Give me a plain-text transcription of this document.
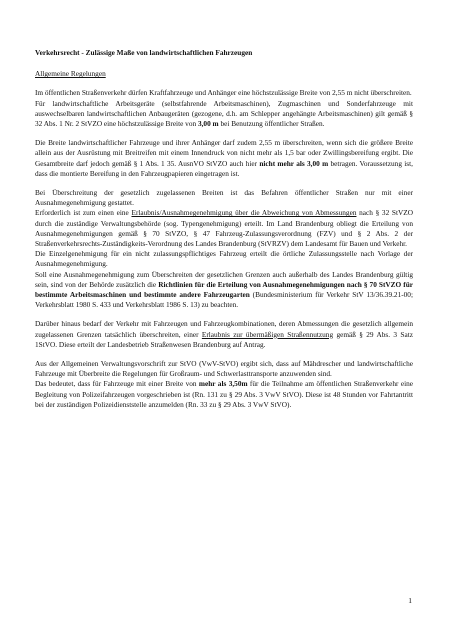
Verkehrsrecht - Zulässige Maße von landwirtschaftlichen Fahrzeugen

Allgemeine Regelungen

Im öffentlichen Straßenverkehr dürfen Kraftfahrzeuge und Anhänger eine höchstzulässige Breite von 2,55 m nicht überschreiten.

Für landwirtschaftliche Arbeitsgeräte (selbstfahrende Arbeitsmaschinen), Zugmaschinen und Sonderfahrzeuge mit auswechselbaren landwirtschaftlichen Anbaugeräten (gezogene, d.h. am Schlepper angehängte Arbeitsmaschinen) gilt gemäß § 32 Abs. 1 Nr. 2 StVZO eine höchstzulässige Breite von 3,00 m bei Benutzung öffentlicher Straßen.

Die Breite landwirtschaftlicher Fahrzeuge und ihrer Anhänger darf zudem 2,55 m überschreiten, wenn sich die größere Breite allein aus der Ausrüstung mit Breitreifen mit einem Innendruck von nicht mehr als 1,5 bar oder Zwillingsbereifung ergibt. Die Gesamtbreite darf jedoch gemäß § 1 Abs. 1 35. AusnVO StVZO auch hier nicht mehr als 3,00 m betragen. Voraussetzung ist, dass die montierte Bereifung in den Fahrzeugpapieren eingetragen ist.

Bei Überschreitung der gesetzlich zugelassenen Breiten ist das Befahren öffentlicher Straßen nur mit einer Ausnahmegenehmigung gestattet.

Erforderlich ist zum einen eine Erlaubnis/Ausnahmegenehmigung über die Abweichung von Abmessungen nach § 32 StVZO durch die zuständige Verwaltungsbehörde (sog. Typengenehmigung) erteilt. Im Land Brandenburg obliegt die Erteilung von Ausnahmegenehmigungen gemäß § 70 StVZO, § 47 Fahrzeug-Zulassungsverordnung (FZV) und § 2 Abs. 2 der Straßenverkehrsrechts-Zuständigkeits-Verordnung des Landes Brandenburg (StVRZV) dem Landesamt für Bauen und Verkehr.

Die Einzelgenehmigung für ein nicht zulassungspflichtiges Fahrzeug erteilt die örtliche Zulassungsstelle nach Vorlage der Ausnahmegenehmigung.

Soll eine Ausnahmegenehmigung zum Überschreiten der gesetzlichen Grenzen auch außerhalb des Landes Brandenburg gültig sein, sind von der Behörde zusätzlich die Richtlinien für die Erteilung von Ausnahmegenehmigungen nach § 70 StVZO für bestimmte Arbeitsmaschinen und bestimmte andere Fahrzeugarten (Bundesministerium für Verkehr StV 13/36.39.21-00; Verkehrsblatt 1980 S. 433 und Verkehrsblatt 1986 S. 13) zu beachten.

Darüber hinaus bedarf der Verkehr mit Fahrzeugen und Fahrzeugkombinationen, deren Abmessungen die gesetzlich allgemein zugelassenen Grenzen tatsächlich überschreiten, einer Erlaubnis zur übermäßigen Straßennutzung gemäß § 29 Abs. 3 Satz 1StVO. Diese erteilt der Landesbetrieb Straßenwesen Brandenburg auf Antrag.

Aus der Allgemeinen Verwaltungsvorschrift zur StVO (VwV-StVO) ergibt sich, dass auf Mähdrescher und landwirtschaftliche Fahrzeuge mit Überbreite die Regelungen für Großraum- und Schwerlasttransporte anzuwenden sind.

Das bedeutet, dass für Fahrzeuge mit einer Breite von mehr als 3,50m für die Teilnahme am öffentlichen Straßenverkehr eine Begleitung von Polizeifahrzeugen vorgeschrieben ist (Rn. 131 zu § 29 Abs. 3 VwV StVO). Diese ist 48 Stunden vor Fahrtantritt bei der zuständigen Polizeidienststelle anzumelden (Rn. 33 zu § 29 Abs. 3 VwV StVO).

1
